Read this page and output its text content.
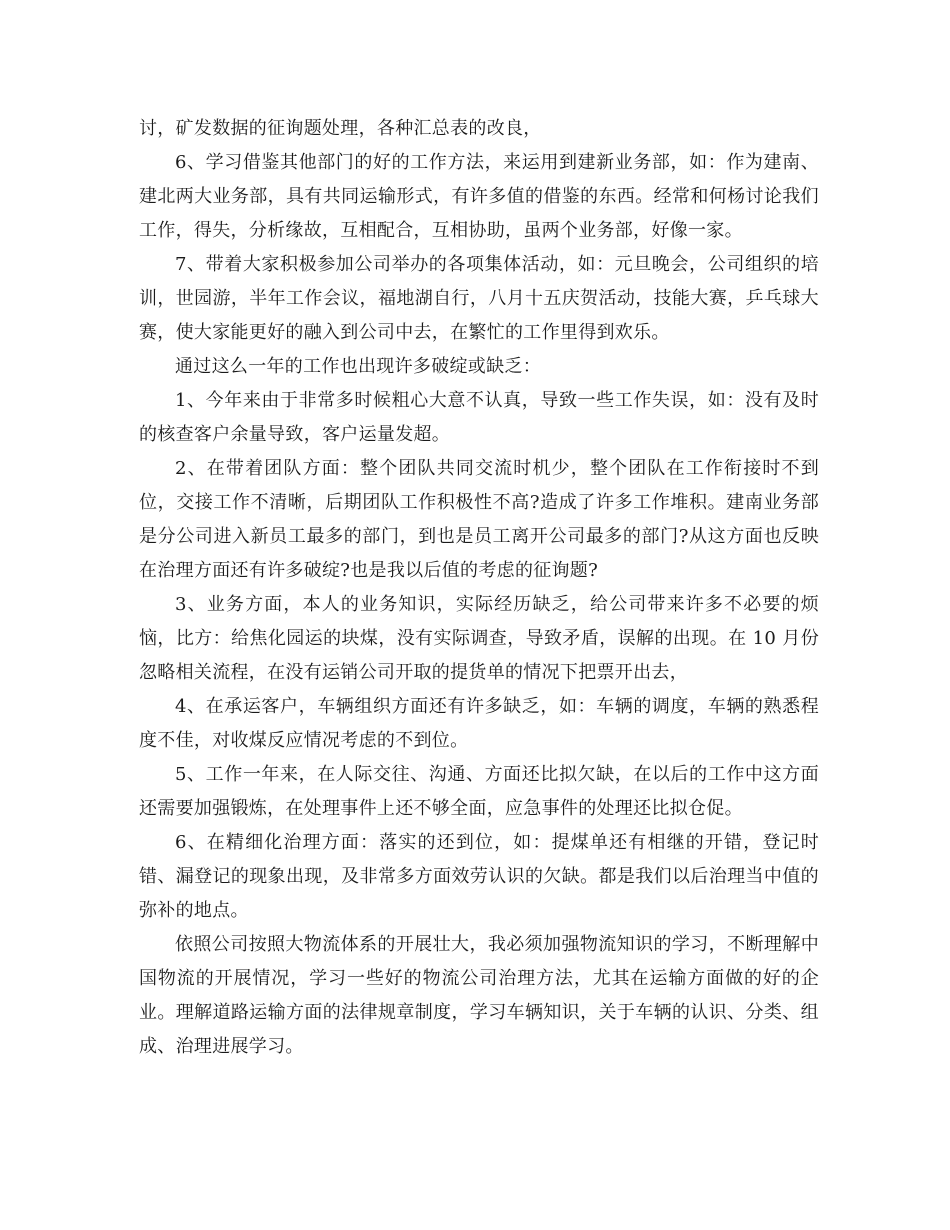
讨，矿发数据的征询题处理，各种汇总表的改良，

6、学习借鉴其他部门的好的工作方法，来运用到建新业务部，如：作为建南、建北两大业务部，具有共同运输形式，有许多值的借鉴的东西。经常和何杨讨论我们工作，得失，分析缘故，互相配合，互相协助，虽两个业务部，好像一家。

7、带着大家积极参加公司举办的各项集体活动，如：元旦晚会，公司组织的培训，世园游，半年工作会议，福地湖自行，八月十五庆贺活动，技能大赛，乒乓球大赛，使大家能更好的融入到公司中去，在繁忙的工作里得到欢乐。

通过这么一年的工作也出现许多破绽或缺乏：

1、今年来由于非常多时候粗心大意不认真，导致一些工作失误，如：没有及时的核查客户余量导致，客户运量发超。

2、在带着团队方面：整个团队共同交流时机少，整个团队在工作衔接时不到位，交接工作不清晰，后期团队工作积极性不高?造成了许多工作堆积。建南业务部是分公司进入新员工最多的部门，到也是员工离开公司最多的部门?从这方面也反映在治理方面还有许多破绽?也是我以后值的考虑的征询题?

3、业务方面，本人的业务知识，实际经历缺乏，给公司带来许多不必要的烦恼，比方：给焦化园运的块煤，没有实际调查，导致矛盾，误解的出现。在 10 月份忽略相关流程，在没有运销公司开取的提货单的情况下把票开出去，

4、在承运客户，车辆组织方面还有许多缺乏，如：车辆的调度，车辆的熟悉程度不佳，对收煤反应情况考虑的不到位。

5、工作一年来，在人际交往、沟通、方面还比拟欠缺，在以后的工作中这方面还需要加强锻炼，在处理事件上还不够全面，应急事件的处理还比拟仓促。

6、在精细化治理方面：落实的还到位，如：提煤单还有相继的开错，登记时错、漏登记的现象出现，及非常多方面效劳认识的欠缺。都是我们以后治理当中值的弥补的地点。

依照公司按照大物流体系的开展壮大，我必须加强物流知识的学习，不断理解中国物流的开展情况，学习一些好的物流公司治理方法，尤其在运输方面做的好的企业。理解道路运输方面的法律规章制度，学习车辆知识，关于车辆的认识、分类、组成、治理进展学习。
